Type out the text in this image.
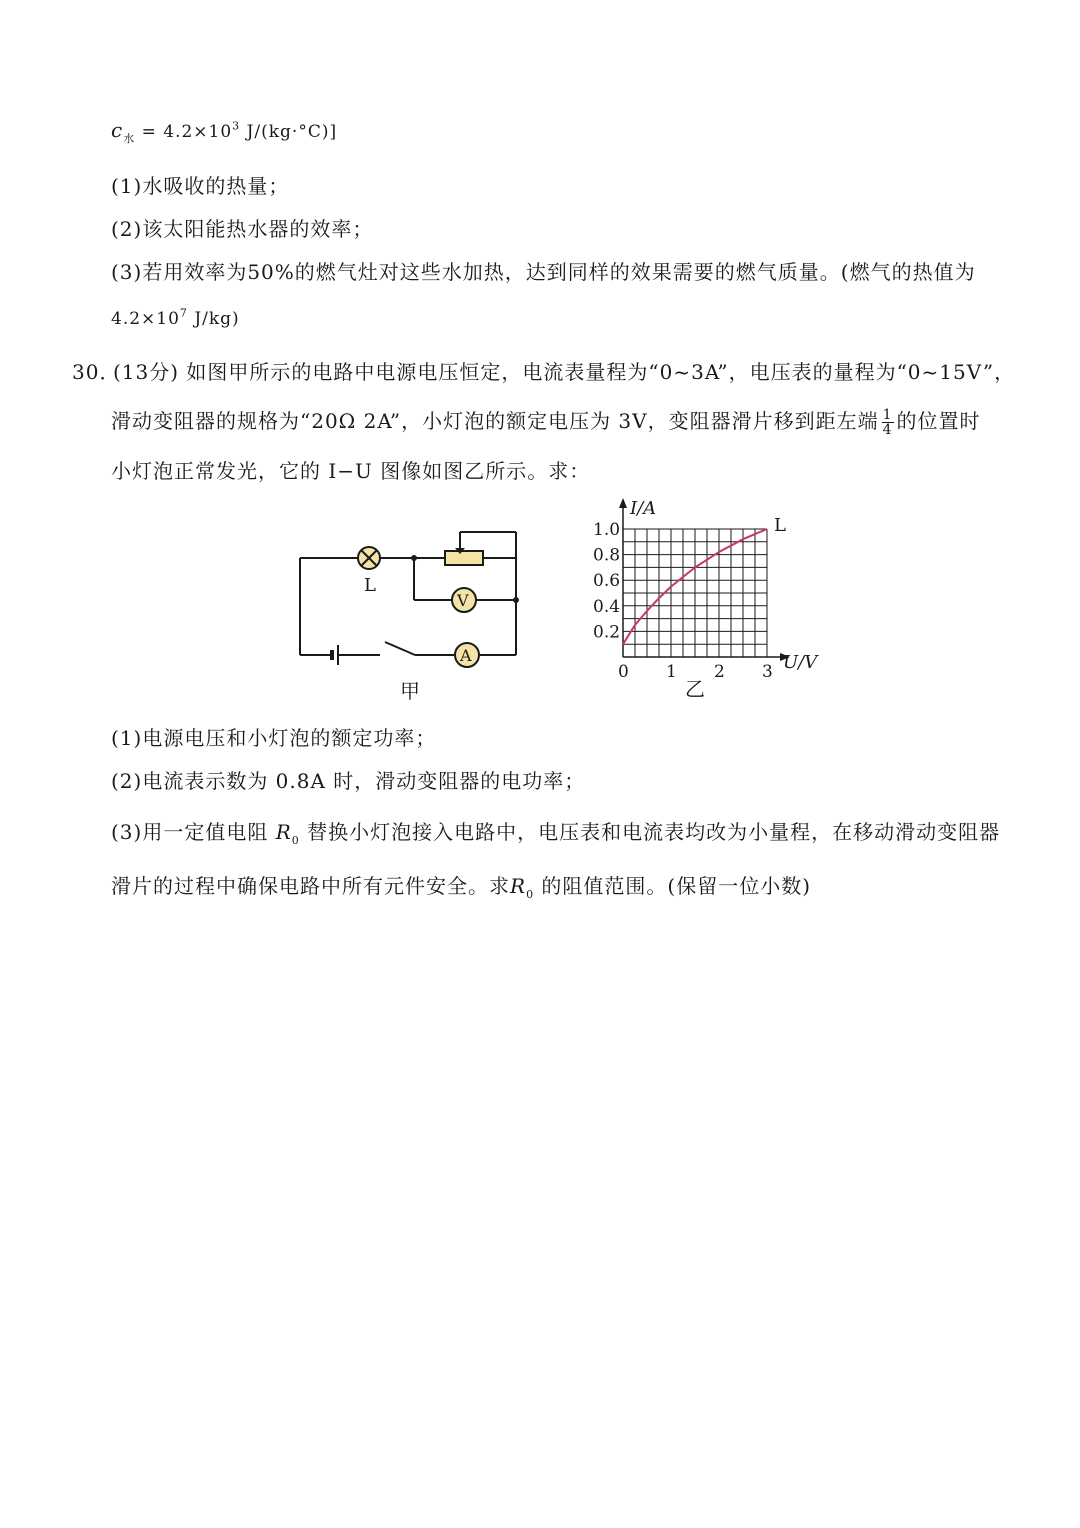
$c_水 = 4.2\times 10^3$ J/(kg·°C)]
(1)水吸收的热量；
(2)该太阳能热水器的效率；
(3)若用效率为50%的燃气灶对这些水加热，达到同样的效果需要的燃气质量。(燃气的热值为
$4.2\times 10^7$ J/kg)
30．
(13分) 如图甲所示的电路中电源电压恒定，电流表量程为“0~3A”，电压表的量程为“0~15V”，
滑动变阻器的规格为“20Ω 2A”，小灯泡的额定电压为 3V，变阻器滑片移到距左端 $\frac{1}{4}$ 的位置时
小灯泡正常发光，它的 I−U 图像如图乙所示。求：
L
V
A
甲
0 1 2 3
0.2
0.4
0.6
0.8
1.0	L
I/A
U/V
乙
(1)电源电压和小灯泡的额定功率；
(2)电流表示数为 0.8A 时，滑动变阻器的电功率；
(3)用一定值电阻 $R_0$ 替换小灯泡接入电路中，电压表和电流表均改为小量程，在移动滑动变阻器
滑片的过程中确保电路中所有元件安全。求$R_0$ 的阻值范围。(保留一位小数)
